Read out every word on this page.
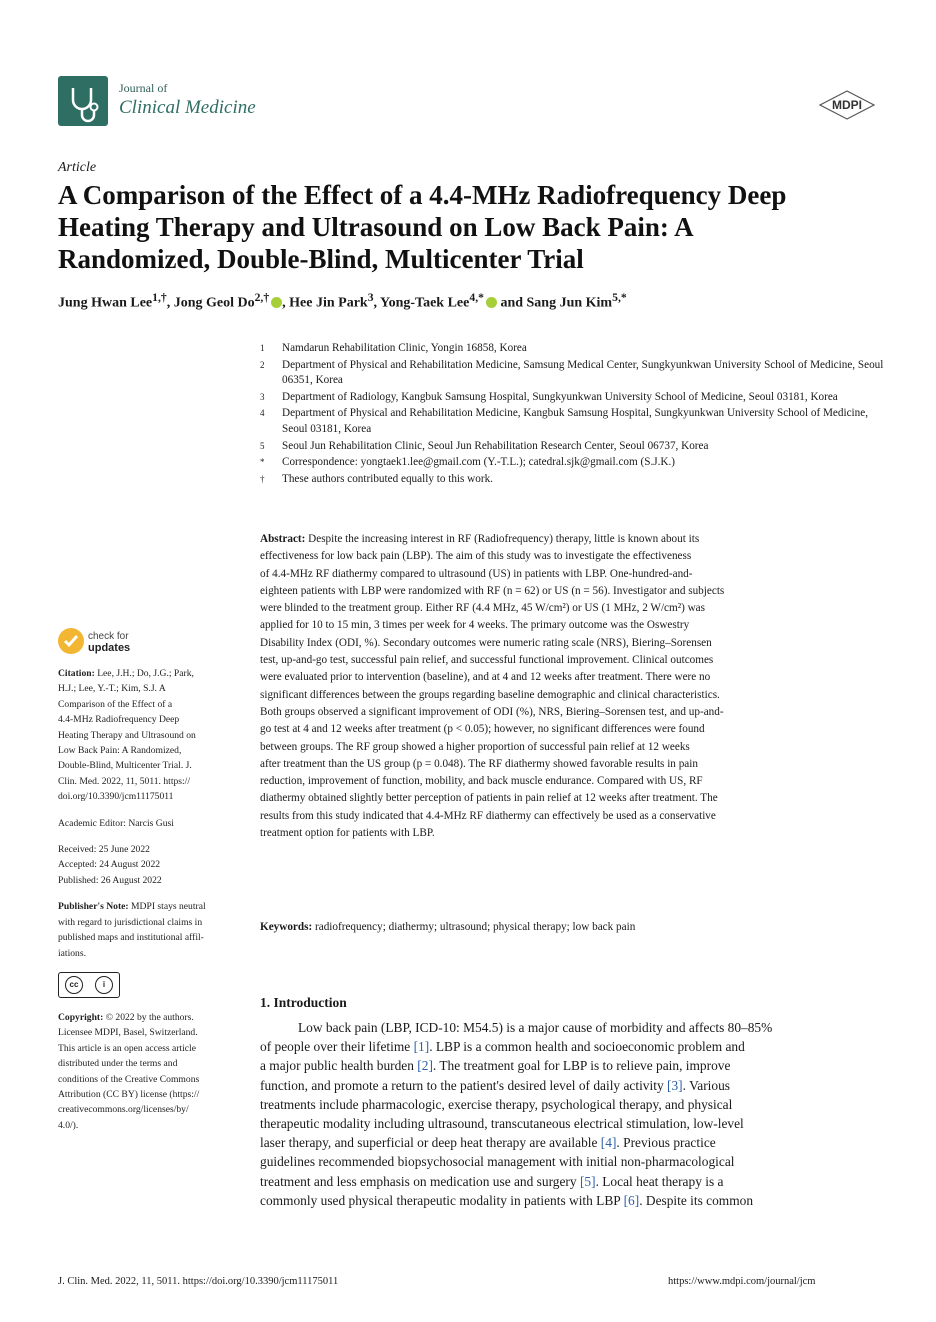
Journal of
Clinical Medicine	MDPI
Article
A Comparison of the Effect of a 4.4-MHz Radiofrequency Deep
Heating Therapy and Ultrasound on Low Back Pain: A
Randomized, Double-Blind, Multicenter Trial
Jung Hwan Lee$^{1,\dagger}$, Jong Geol $Do^{2,\dagger}$ , Hee Jin Park$^3$, Yong-Taek Lee$^{4,*}$ and Sang Jun Kim$^{5,*}$
1	Namdarun Rehabilitation Clinic, Yongin 16858, Korea
2	Department of Physical and Rehabilitation Medicine, Samsung Medical Center, Sungkyunkwan University School of Medicine, Seoul 06351, Korea
3	Department of Radiology, Kangbuk Samsung Hospital, Sungkyunkwan University School of Medicine, Seoul 03181, Korea
4	Department of Physical and Rehabilitation Medicine, Kangbuk Samsung Hospital, Sungkyunkwan University School of Medicine, Seoul 03181, Korea
5	Seoul Jun Rehabilitation Clinic, Seoul Jun Rehabilitation Research Center, Seoul 06737, Korea
*	Correspondence: yongtaek1.lee@gmail.com (Y.-T.L.); catedral.sjk@gmail.com (S.J.K.)
†	These authors contributed equally to this work.
check for
updates
Citation: Lee, J.H.; Do, J.G.; Park,
H.J.; Lee, Y.-T.; Kim, S.J. A
Comparison of the Effect of a
4.4-MHz Radiofrequency Deep
Heating Therapy and Ultrasound on
Low Back Pain: A Randomized,
Double-Blind, Multicenter Trial. J.
Clin. Med. 2022, 11, 5011. https://
doi.org/10.3390/jcm11175011
Academic Editor: Narcis Gusi
Received: 25 June 2022
Accepted: 24 August 2022
Published: 26 August 2022
Publisher's Note: MDPI stays neutral
with regard to jurisdictional claims in
published maps and institutional affil-
iations.
cc	i
Copyright: © 2022 by the authors.
Licensee MDPI, Basel, Switzerland.
This article is an open access article
distributed under the terms and
conditions of the Creative Commons
Attribution (CC BY) license (https://
creativecommons.org/licenses/by/
4.0/).
Abstract: Despite the increasing interest in RF (Radiofrequency) therapy, little is known about its
effectiveness for low back pain (LBP). The aim of this study was to investigate the effectiveness
of 4.4-MHz RF diathermy compared to ultrasound (US) in patients with LBP. One-hundred-and-
eighteen patients with LBP were randomized with RF (n = 62) or US (n = 56). Investigator and subjects
were blinded to the treatment group. Either RF (4.4 MHz, 45 W/cm²) or US (1 MHz, 2 W/cm²) was
applied for 10 to 15 min, 3 times per week for 4 weeks. The primary outcome was the Oswestry
Disability Index (ODI, %). Secondary outcomes were numeric rating scale (NRS), Biering–Sorensen
test, up-and-go test, successful pain relief, and successful functional improvement. Clinical outcomes
were evaluated prior to intervention (baseline), and at 4 and 12 weeks after treatment. There were no
significant differences between the groups regarding baseline demographic and clinical characteristics.
Both groups observed a significant improvement of ODI (%), NRS, Biering–Sorensen test, and up-and-
go test at 4 and 12 weeks after treatment (p < 0.05); however, no significant differences were found
between groups. The RF group showed a higher proportion of successful pain relief at 12 weeks
after treatment than the US group (p = 0.048). The RF diathermy showed favorable results in pain
reduction, improvement of function, mobility, and back muscle endurance. Compared with US, RF
diathermy obtained slightly better perception of patients in pain relief at 12 weeks after treatment. The
results from this study indicated that 4.4-MHz RF diathermy can effectively be used as a conservative
treatment option for patients with LBP.
Keywords: radiofrequency; diathermy; ultrasound; physical therapy; low back pain
1. Introduction
Low back pain (LBP, ICD-10: M54.5) is a major cause of morbidity and affects 80–85%
of people over their lifetime [1]. LBP is a common health and socioeconomic problem and
a major public health burden [2]. The treatment goal for LBP is to relieve pain, improve
function, and promote a return to the patient's desired level of daily activity [3]. Various
treatments include pharmacologic, exercise therapy, psychological therapy, and physical
therapeutic modality including ultrasound, transcutaneous electrical stimulation, low-level
laser therapy, and superficial or deep heat therapy are available [4]. Previous practice
guidelines recommended biopsychosocial management with initial non-pharmacological
treatment and less emphasis on medication use and surgery [5]. Local heat therapy is a
commonly used physical therapeutic modality in patients with LBP [6]. Despite its common
J. Clin. Med. 2022, 11, 5011. https://doi.org/10.3390/jcm11175011	https://www.mdpi.com/journal/jcm
